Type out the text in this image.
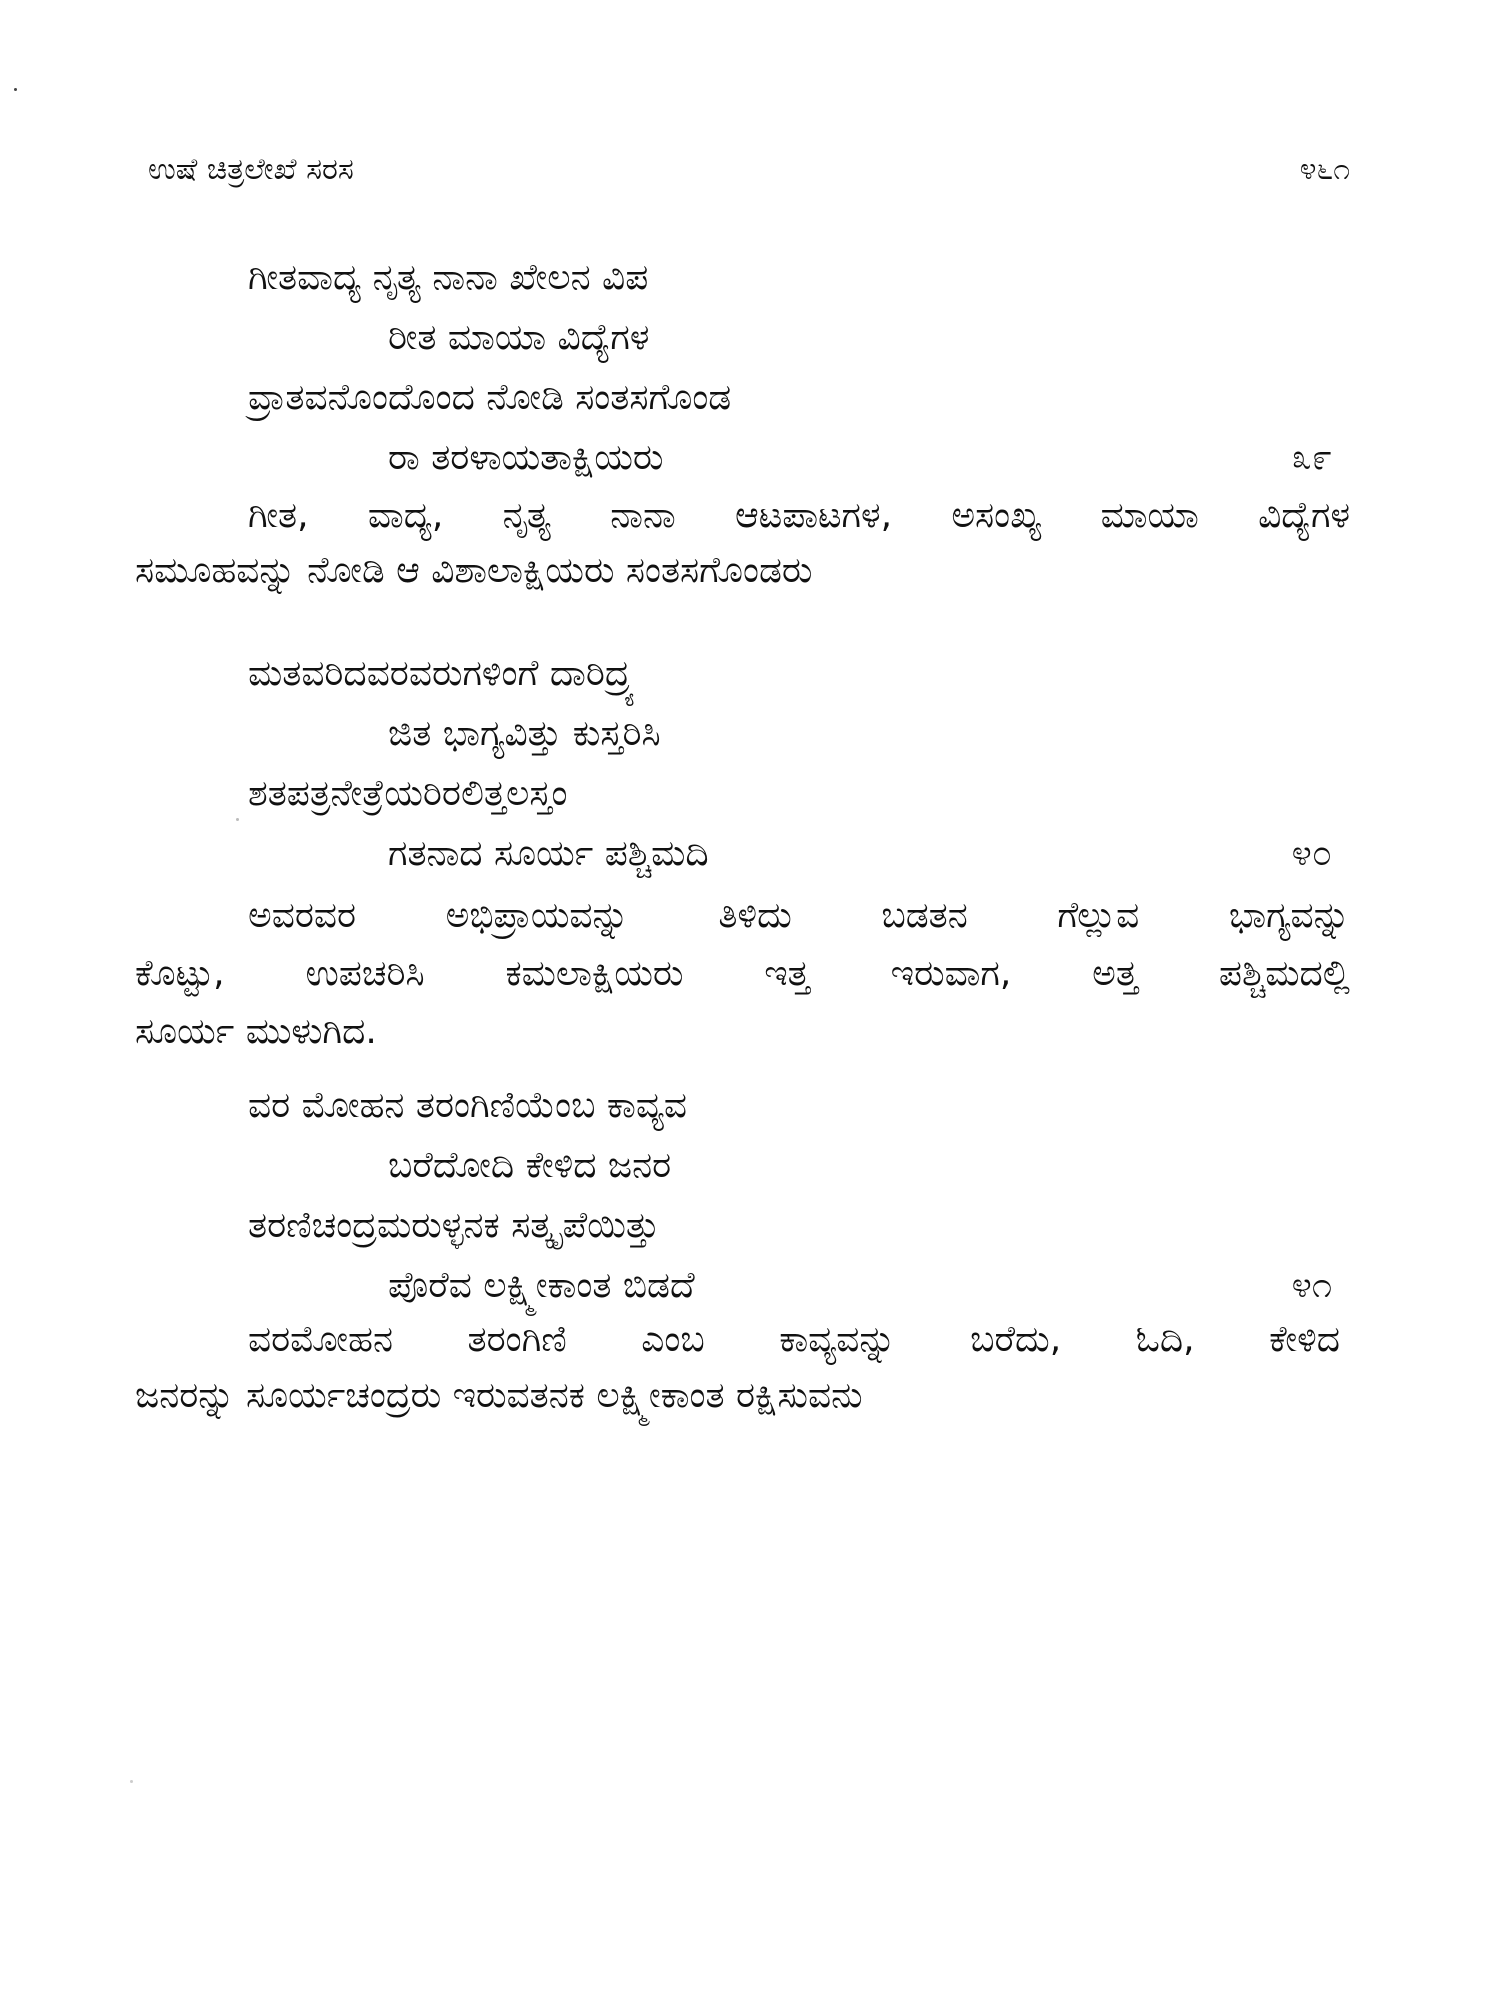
ಉಷೆ ಚಿತ್ರಲೇಖೆ ಸರಸ	೪೬೧
ಗೀತವಾದ್ಯ ನೃತ್ಯ ನಾನಾ ಖೇಲನ ವಿಪ
ರೀತ ಮಾಯಾ ವಿದ್ಯೆಗಳ
ವ್ರಾತವನೊಂದೊಂದ ನೋಡಿ ಸಂತಸಗೊಂಡ
ರಾ ತರಳಾಯತಾಕ್ಷಿಯರು	೩೯
ಗೀತ, ವಾದ್ಯ, ನೃತ್ಯ ನಾನಾ ಆಟಪಾಟಗಳ, ಅಸಂಖ್ಯ ಮಾಯಾ ವಿದ್ಯೆಗಳ
ಸಮೂಹವನ್ನು ನೋಡಿ ಆ ವಿಶಾಲಾಕ್ಷಿಯರು ಸಂತಸಗೊಂಡರು
ಮತವರಿದವರವರುಗಳಿಂಗೆ ದಾರಿದ್ರ್ಯ
ಜಿತ ಭಾಗ್ಯವಿತ್ತು ಕುಸ್ತರಿಸಿ
ಶತಪತ್ರನೇತ್ರೆಯರಿರಲಿತ್ತಲಸ್ತಂ
ಗತನಾದ ಸೂರ್ಯ ಪಶ್ಚಿಮದಿ	೪೦
ಅವರವರ ಅಭಿಪ್ರಾಯವನ್ನು ತಿಳಿದು ಬಡತನ ಗೆಲ್ಲುವ ಭಾಗ್ಯವನ್ನು
ಕೊಟ್ಟು, ಉಪಚರಿಸಿ ಕಮಲಾಕ್ಷಿಯರು ಇತ್ತ ಇರುವಾಗ, ಅತ್ತ ಪಶ್ಚಿಮದಲ್ಲಿ
ಸೂರ್ಯ ಮುಳುಗಿದ.
ವರ ಮೋಹನ ತರಂಗಿಣಿಯೆಂಬ ಕಾವ್ಯವ
ಬರೆದೋದಿ ಕೇಳಿದ ಜನರ
ತರಣಿಚಂದ್ರಮರುಳ್ಳನಕ ಸತ್ಕೃಪೆಯಿತ್ತು
ಪೊರೆವ ಲಕ್ಷ್ಮೀಕಾಂತ ಬಿಡದೆ	೪೧
ವರಮೋಹನ ತರಂಗಿಣಿ ಎಂಬ ಕಾವ್ಯವನ್ನು ಬರೆದು, ಓದಿ, ಕೇಳಿದ
ಜನರನ್ನು ಸೂರ್ಯಚಂದ್ರರು ಇರುವತನಕ ಲಕ್ಷ್ಮೀಕಾಂತ ರಕ್ಷಿಸುವನು
